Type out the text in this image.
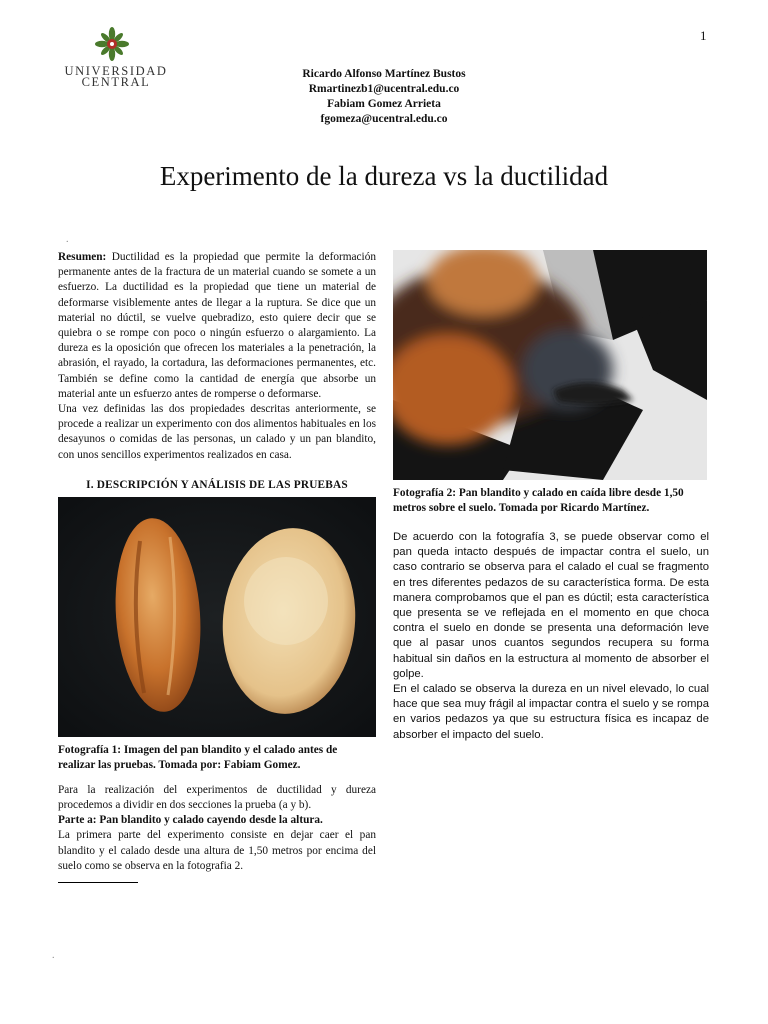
1
UNIVERSIDAD
CENTRAL
Ricardo Alfonso Martínez Bustos
Rmartinezb1@ucentral.edu.co
Fabiam Gomez Arrieta
fgomeza@ucentral.edu.co
Experimento de la dureza vs la ductilidad

Resumen: Ductilidad es la propiedad que permite la deformación permanente antes de la fractura de un material cuando se somete a un esfuerzo. La ductilidad es la propiedad que tiene un material de deformarse visiblemente antes de llegar a la ruptura. Se dice que un material no dúctil, se vuelve quebradizo, esto quiere decir que se quiebra o se rompe con poco o ningún esfuerzo o alargamiento. La dureza es la oposición que ofrecen los materiales a la penetración, la abrasión, el rayado, la cortadura, las deformaciones permanentes, etc. También se define como la cantidad de energía que absorbe un material ante un esfuerzo antes de romperse o deformarse.

Una vez definidas las dos propiedades descritas anteriormente, se procede a realizar un experimento con dos alimentos habituales en los desayunos o comidas de las personas, un calado y un pan blandito, con unos sencillos experimentos realizados en casa.

I. DESCRIPCIÓN Y ANÁLISIS DE LAS PRUEBAS

Fotografía 1: Imagen del pan blandito y el calado antes de realizar las pruebas. Tomada por: Fabiam Gomez.

Para la realización del experimentos de ductilidad y dureza procedemos a dividir en dos secciones la prueba (a y b).

Parte a: Pan blandito y calado cayendo desde la altura.

La primera parte del experimento consiste en dejar caer el pan blandito y el calado desde una altura de 1,50 metros por encima del suelo como se observa en la fotografia 2.

Fotografía 2: Pan blandito y calado en caída libre desde 1,50 metros sobre el suelo. Tomada por Ricardo Martínez.

De acuerdo con la fotografía 3, se puede observar como el pan queda intacto después de impactar contra el suelo, un caso contrario se observa para el calado el cual se fragmento en tres diferentes pedazos de su característica forma. De esta manera comprobamos que el pan es dúctil; esta característica que presenta se ve reflejada en el momento en que choca contra el suelo en donde se presenta una deformación leve que al pasar unos cuantos segundos recupera su forma habitual sin daños en la estructura al momento de absorber el golpe.

En el calado se observa la dureza en un nivel elevado, lo cual hace que sea muy frágil al impactar contra el suelo y se rompa en varios pedazos ya que su estructura física es incapaz de absorber el impacto del suelo.

.
.
